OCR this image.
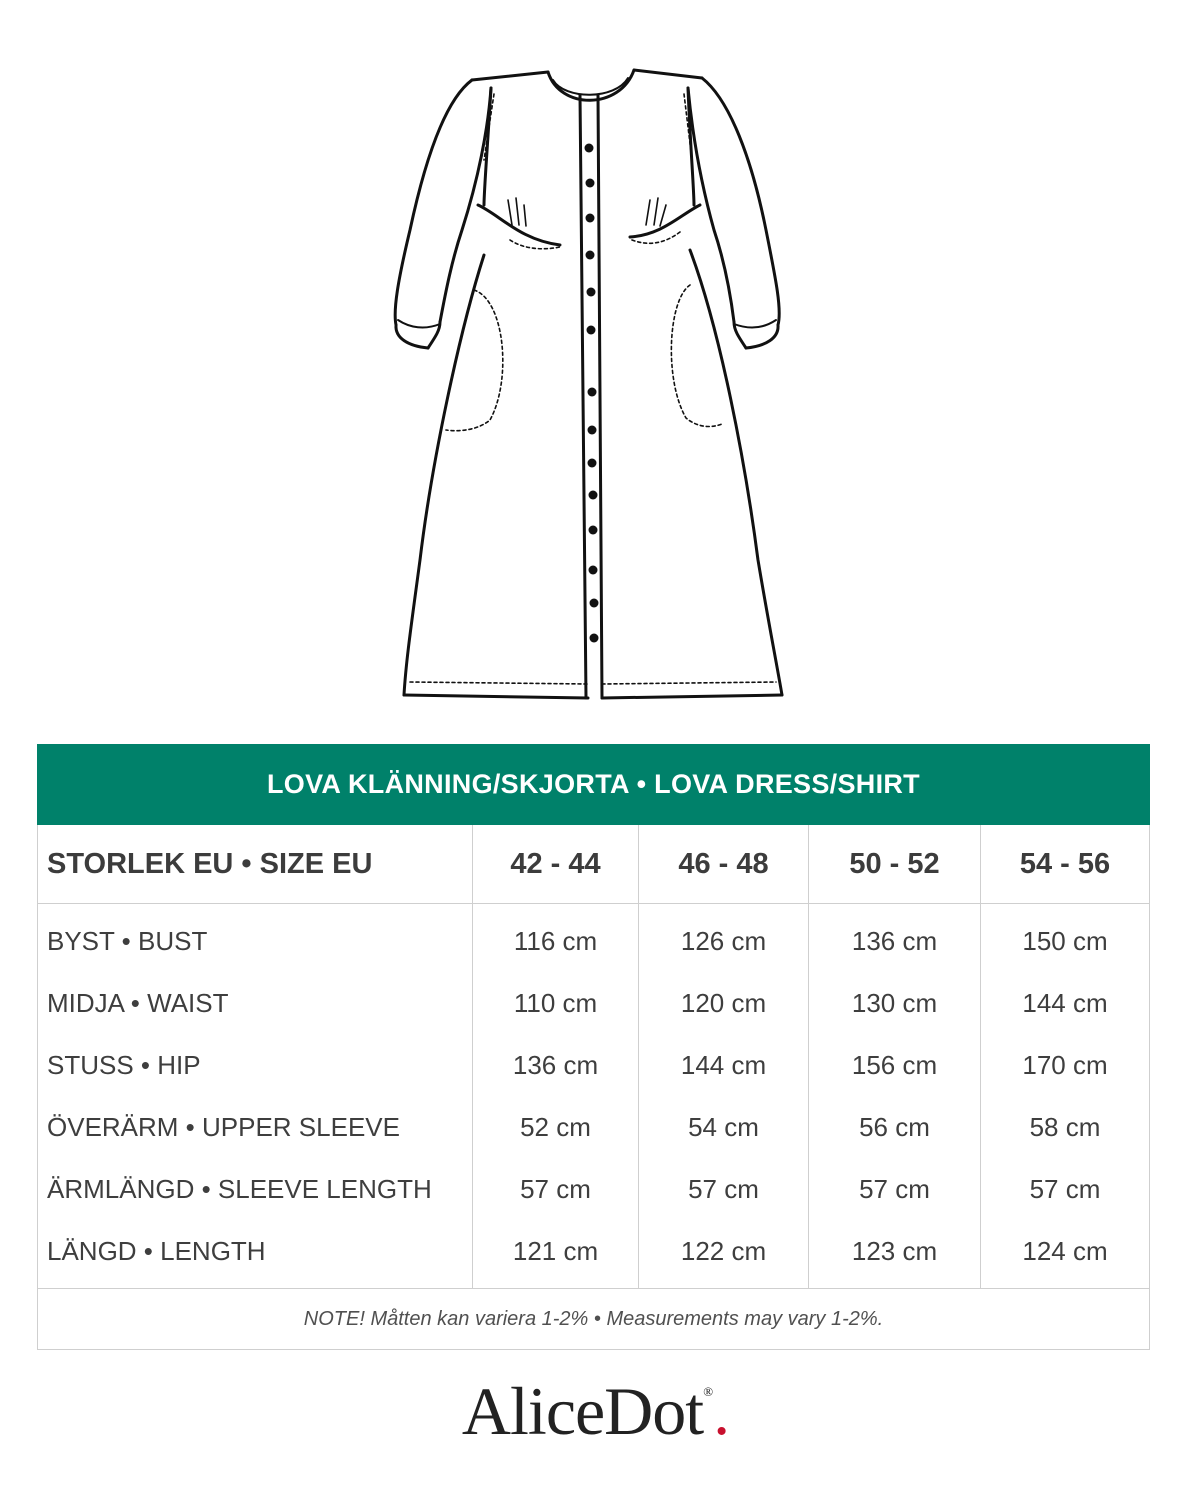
LOVA KLÄNNING/SKJORTA • LOVA DRESS/SHIRT				
STORLEK EU • SIZE EU	42 - 44	46 - 48	50 - 52	54 - 56
BYST • BUST	116 cm	126 cm	136 cm	150 cm
MIDJA • WAIST	110 cm	120 cm	130 cm	144 cm
STUSS • HIP	136 cm	144 cm	156 cm	170 cm
ÖVERÄRM • UPPER SLEEVE	52 cm	54 cm	56 cm	58 cm
ÄRMLÄNGD • SLEEVE LENGTH	57 cm	57 cm	57 cm	57 cm
LÄNGD • LENGTH	121 cm	122 cm	123 cm	124 cm
NOTE! Måtten kan variera 1-2% • Measurements may vary 1-2%.				
AliceDot®.
